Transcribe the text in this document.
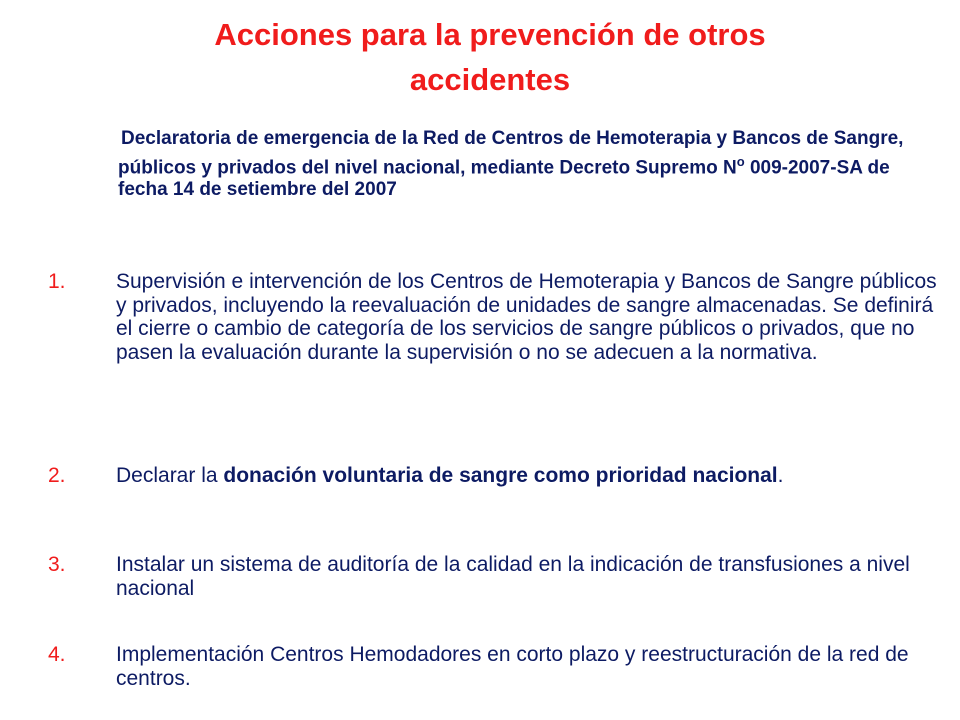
Acciones para la prevención de otros
accidentes
Declaratoria de emergencia de la Red de Centros de Hemoterapia y Bancos de Sangre, públicos y privados del nivel nacional, mediante Decreto Supremo $N^o$ 009-2007-SA de fecha 14 de setiembre del 2007
1.	Supervisión e intervención de los Centros de Hemoterapia y Bancos de Sangre públicos y privados, incluyendo la reevaluación de unidades de sangre almacenadas. Se definirá el cierre o cambio de categoría de los servicios de sangre públicos o privados, que no pasen la evaluación durante la supervisión o no se adecuen a la normativa.
2.	Declarar la donación voluntaria de sangre como prioridad nacional.
3.	Instalar un sistema de auditoría de la calidad en la indicación de transfusiones a nivel nacional
4.	Implementación Centros Hemodadores en corto plazo y reestructuración de la red de centros.
